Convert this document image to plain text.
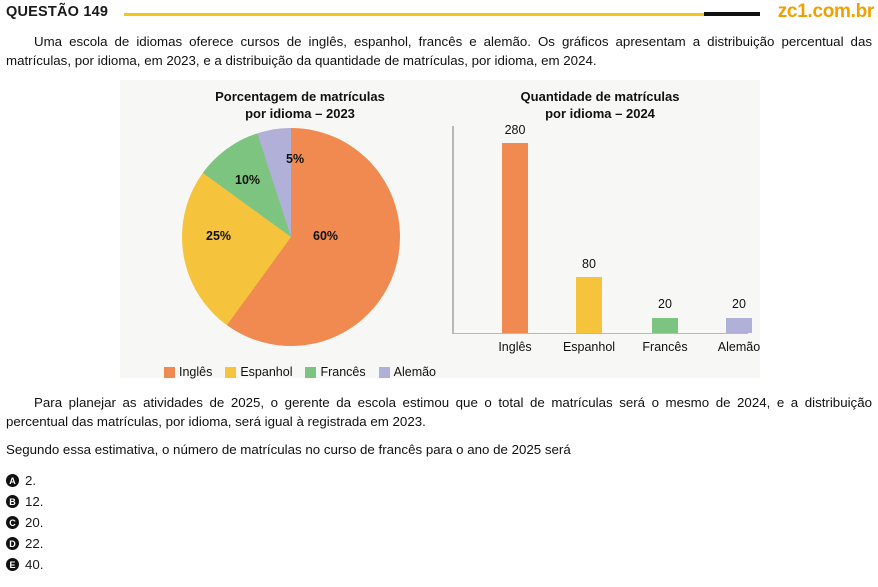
QUESTÃO 149	zc1.com.br
Uma escola de idiomas oferece cursos de inglês, espanhol, francês e alemão. Os gráficos apresentam a distribuição percentual das matrículas, por idioma, em 2023, e a distribuição da quantidade de matrículas, por idioma, em 2024.
Porcentagem de matrículas
por idioma – 2023
Quantidade de matrículas
por idioma – 2024
60%
25%
10%
5%
Inglês Espanhol Francês Alemão
280
Inglês
80
Espanhol
20
Francês
20
Alemão
Para planejar as atividades de 2025, o gerente da escola estimou que o total de matrículas será o mesmo de 2024, e a distribuição percentual das matrículas, por idioma, será igual à registrada em 2023.
Segundo essa estimativa, o número de matrículas no curso de francês para o ano de 2025 será
A 2.
B 12.
C 20.
D 22.
E 40.
